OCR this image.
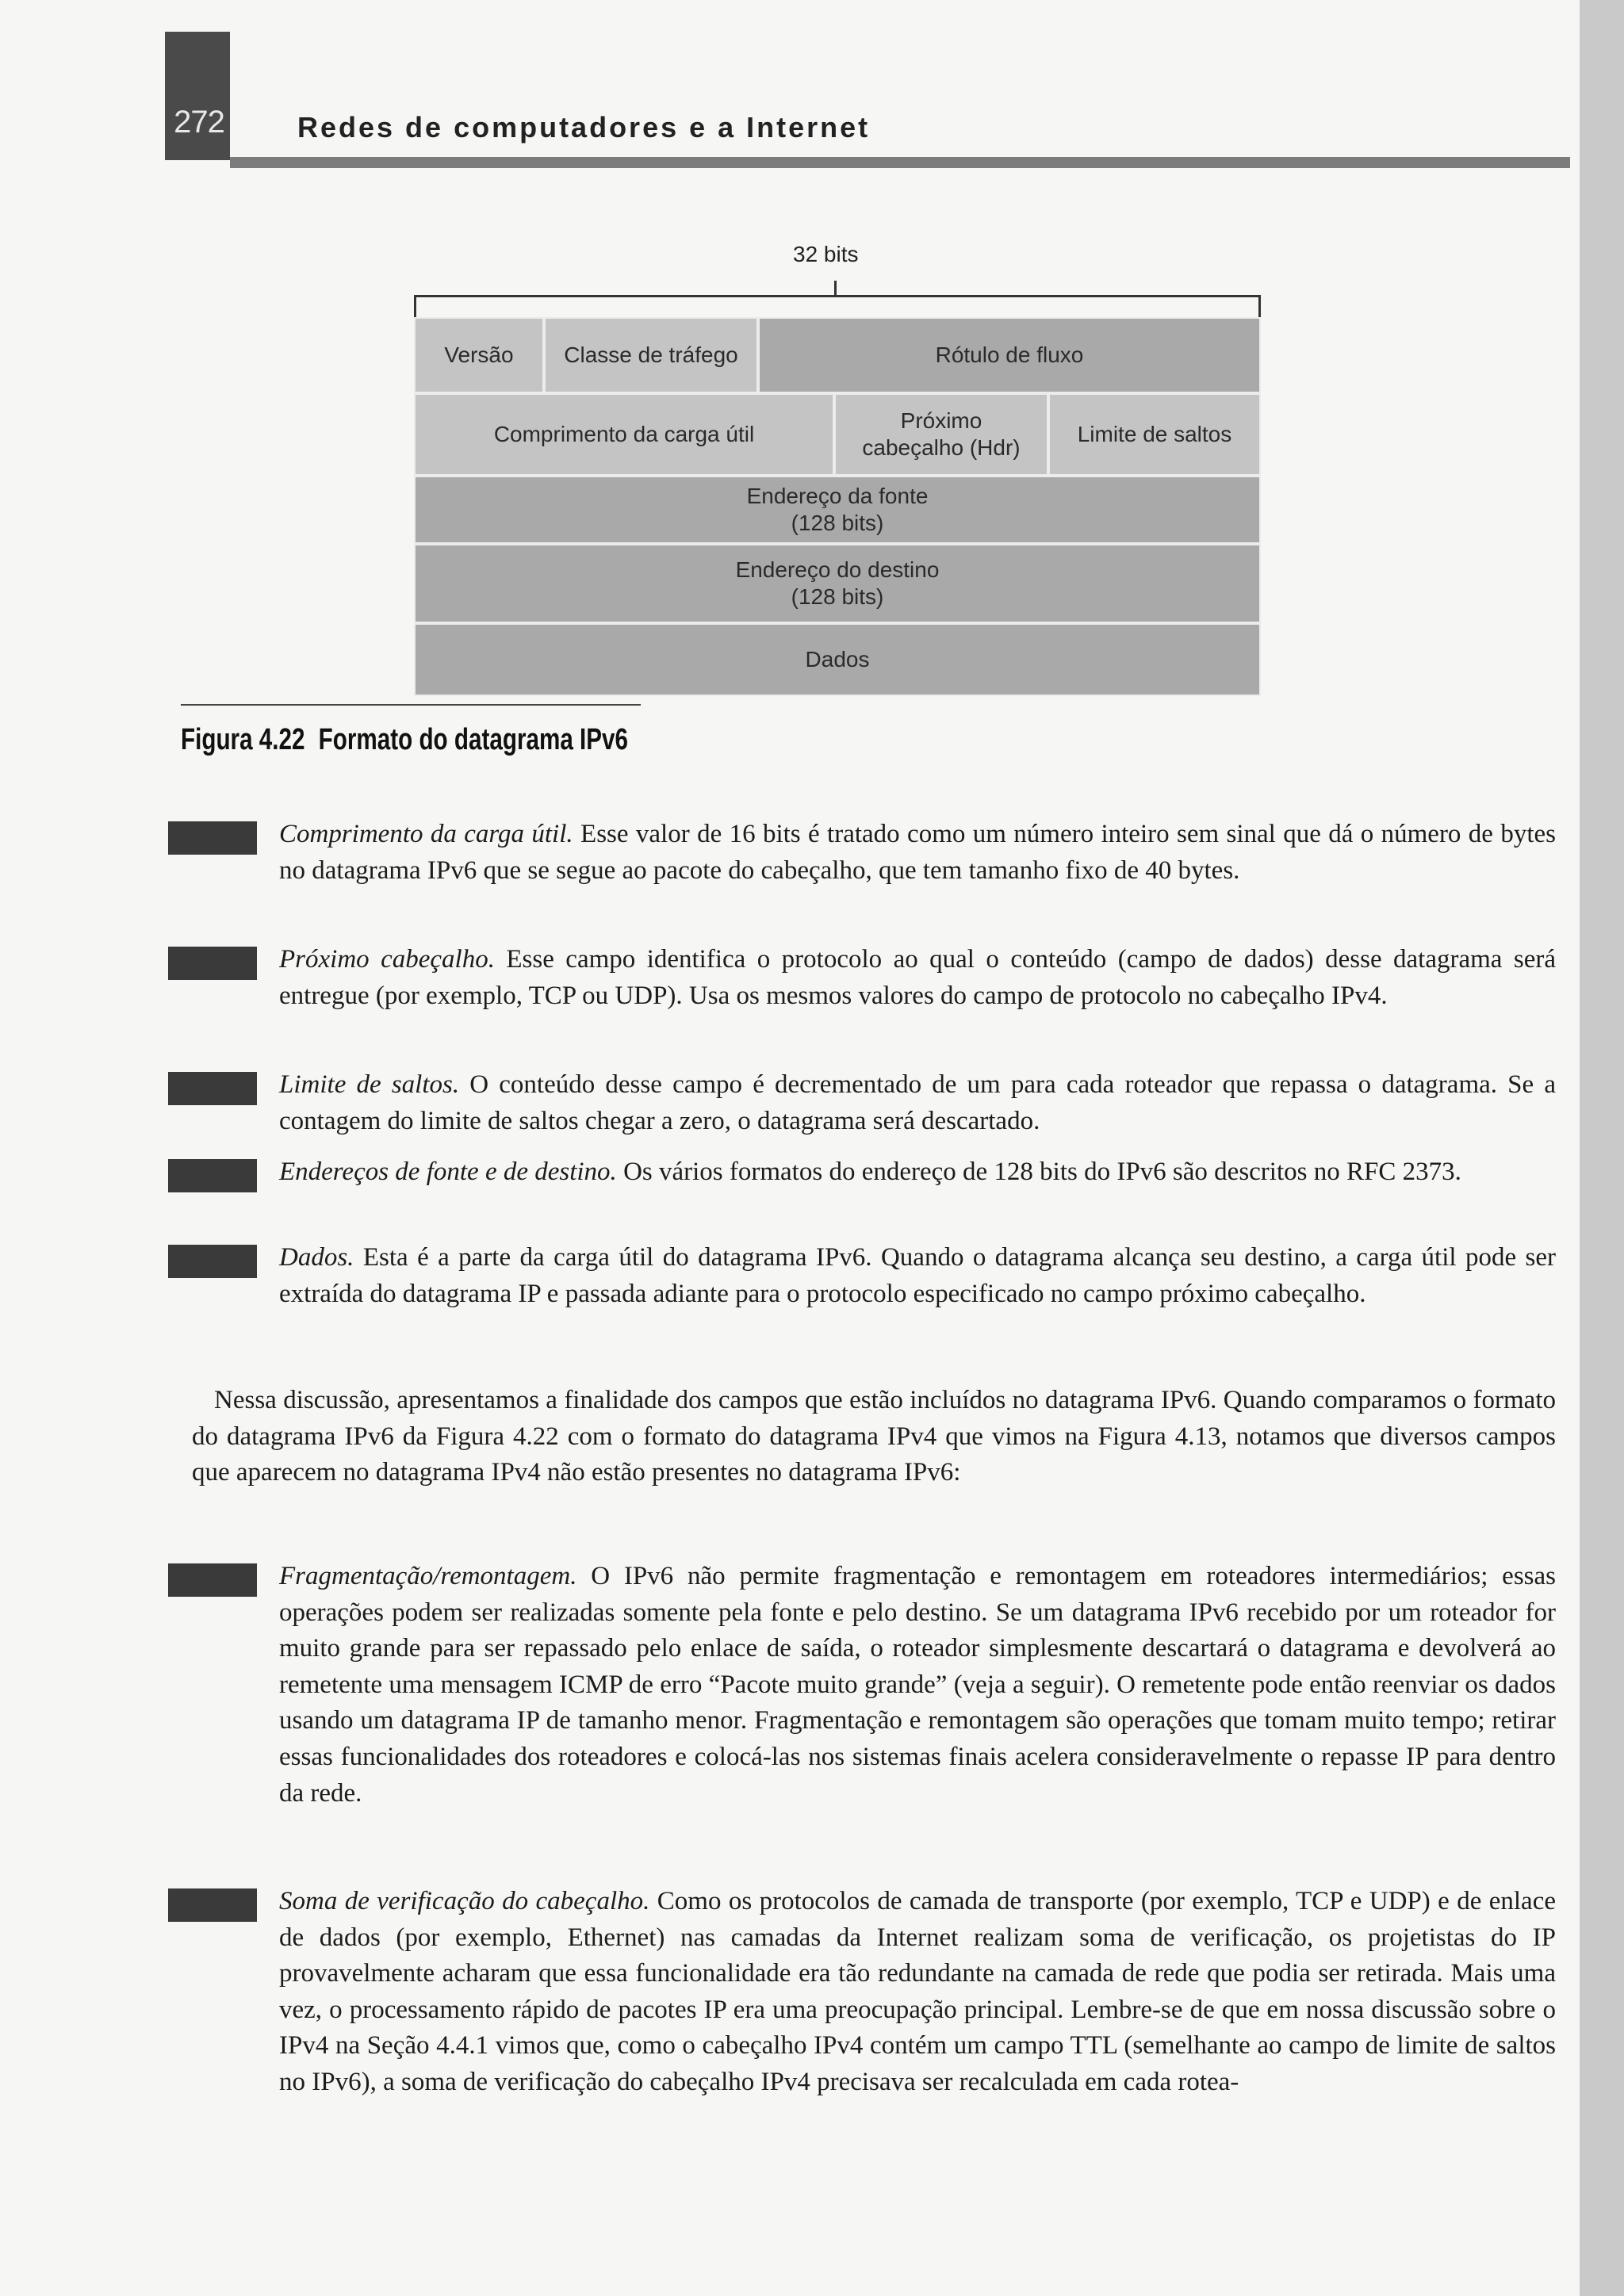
272	Redes de computadores e a Internet
32 bits
Versão Classe de tráfego	Rótulo de fluxo
Comprimento da carga útil
Próximo
cabeçalho (Hdr)
Limite de saltos
Endereço da fonte
(128 bits)
Endereço do destino
(128 bits)
Dados
Figura 4.22 Formato do datagrama IPv6
Comprimento da carga útil. Esse valor de 16 bits é tratado como um número inteiro sem sinal que dá o número de bytes no datagrama IPv6 que se segue ao pacote do cabeçalho, que tem tamanho fixo de 40 bytes.
Próximo cabeçalho. Esse campo identifica o protocolo ao qual o conteúdo (campo de dados) desse datagrama será entregue (por exemplo, TCP ou UDP). Usa os mesmos valores do campo de protocolo no cabeçalho IPv4.
Limite de saltos. O conteúdo desse campo é decrementado de um para cada roteador que repassa o datagrama. Se a contagem do limite de saltos chegar a zero, o datagrama será descartado.
Endereços de fonte e de destino. Os vários formatos do endereço de 128 bits do IPv6 são descritos no RFC 2373.
Dados. Esta é a parte da carga útil do datagrama IPv6. Quando o datagrama alcança seu destino, a carga útil pode ser extraída do datagrama IP e passada adiante para o protocolo especificado no campo próximo cabeçalho.
Nessa discussão, apresentamos a finalidade dos campos que estão incluídos no datagrama IPv6. Quando comparamos o formato do datagrama IPv6 da Figura 4.22 com o formato do datagrama IPv4 que vimos na Figura 4.13, notamos que diversos campos que aparecem no datagrama IPv4 não estão presentes no datagrama IPv6:
Fragmentação/remontagem. O IPv6 não permite fragmentação e remontagem em roteadores intermediários; essas operações podem ser realizadas somente pela fonte e pelo destino. Se um datagrama IPv6 recebido por um roteador for muito grande para ser repassado pelo enlace de saída, o roteador simplesmente descartará o datagrama e devolverá ao remetente uma mensagem ICMP de erro “Pacote muito grande” (veja a seguir). O remetente pode então reenviar os dados usando um datagrama IP de tamanho menor. Fragmentação e remontagem são operações que tomam muito tempo; retirar essas funcionalidades dos roteadores e colocá-las nos sistemas finais acelera consideravelmente o repasse IP para dentro da rede.
Soma de verificação do cabeçalho. Como os protocolos de camada de transporte (por exemplo, TCP e UDP) e de enlace de dados (por exemplo, Ethernet) nas camadas da Internet realizam soma de verificação, os projetistas do IP provavelmente acharam que essa funcionalidade era tão redundante na camada de rede que podia ser retirada. Mais uma vez, o processamento rápido de pacotes IP era uma preocupação principal. Lembre-se de que em nossa discussão sobre o IPv4 na Seção 4.4.1 vimos que, como o cabeçalho IPv4 contém um campo TTL (semelhante ao campo de limite de saltos no IPv6), a soma de verificação do cabeçalho IPv4 precisava ser recalculada em cada rotea-
